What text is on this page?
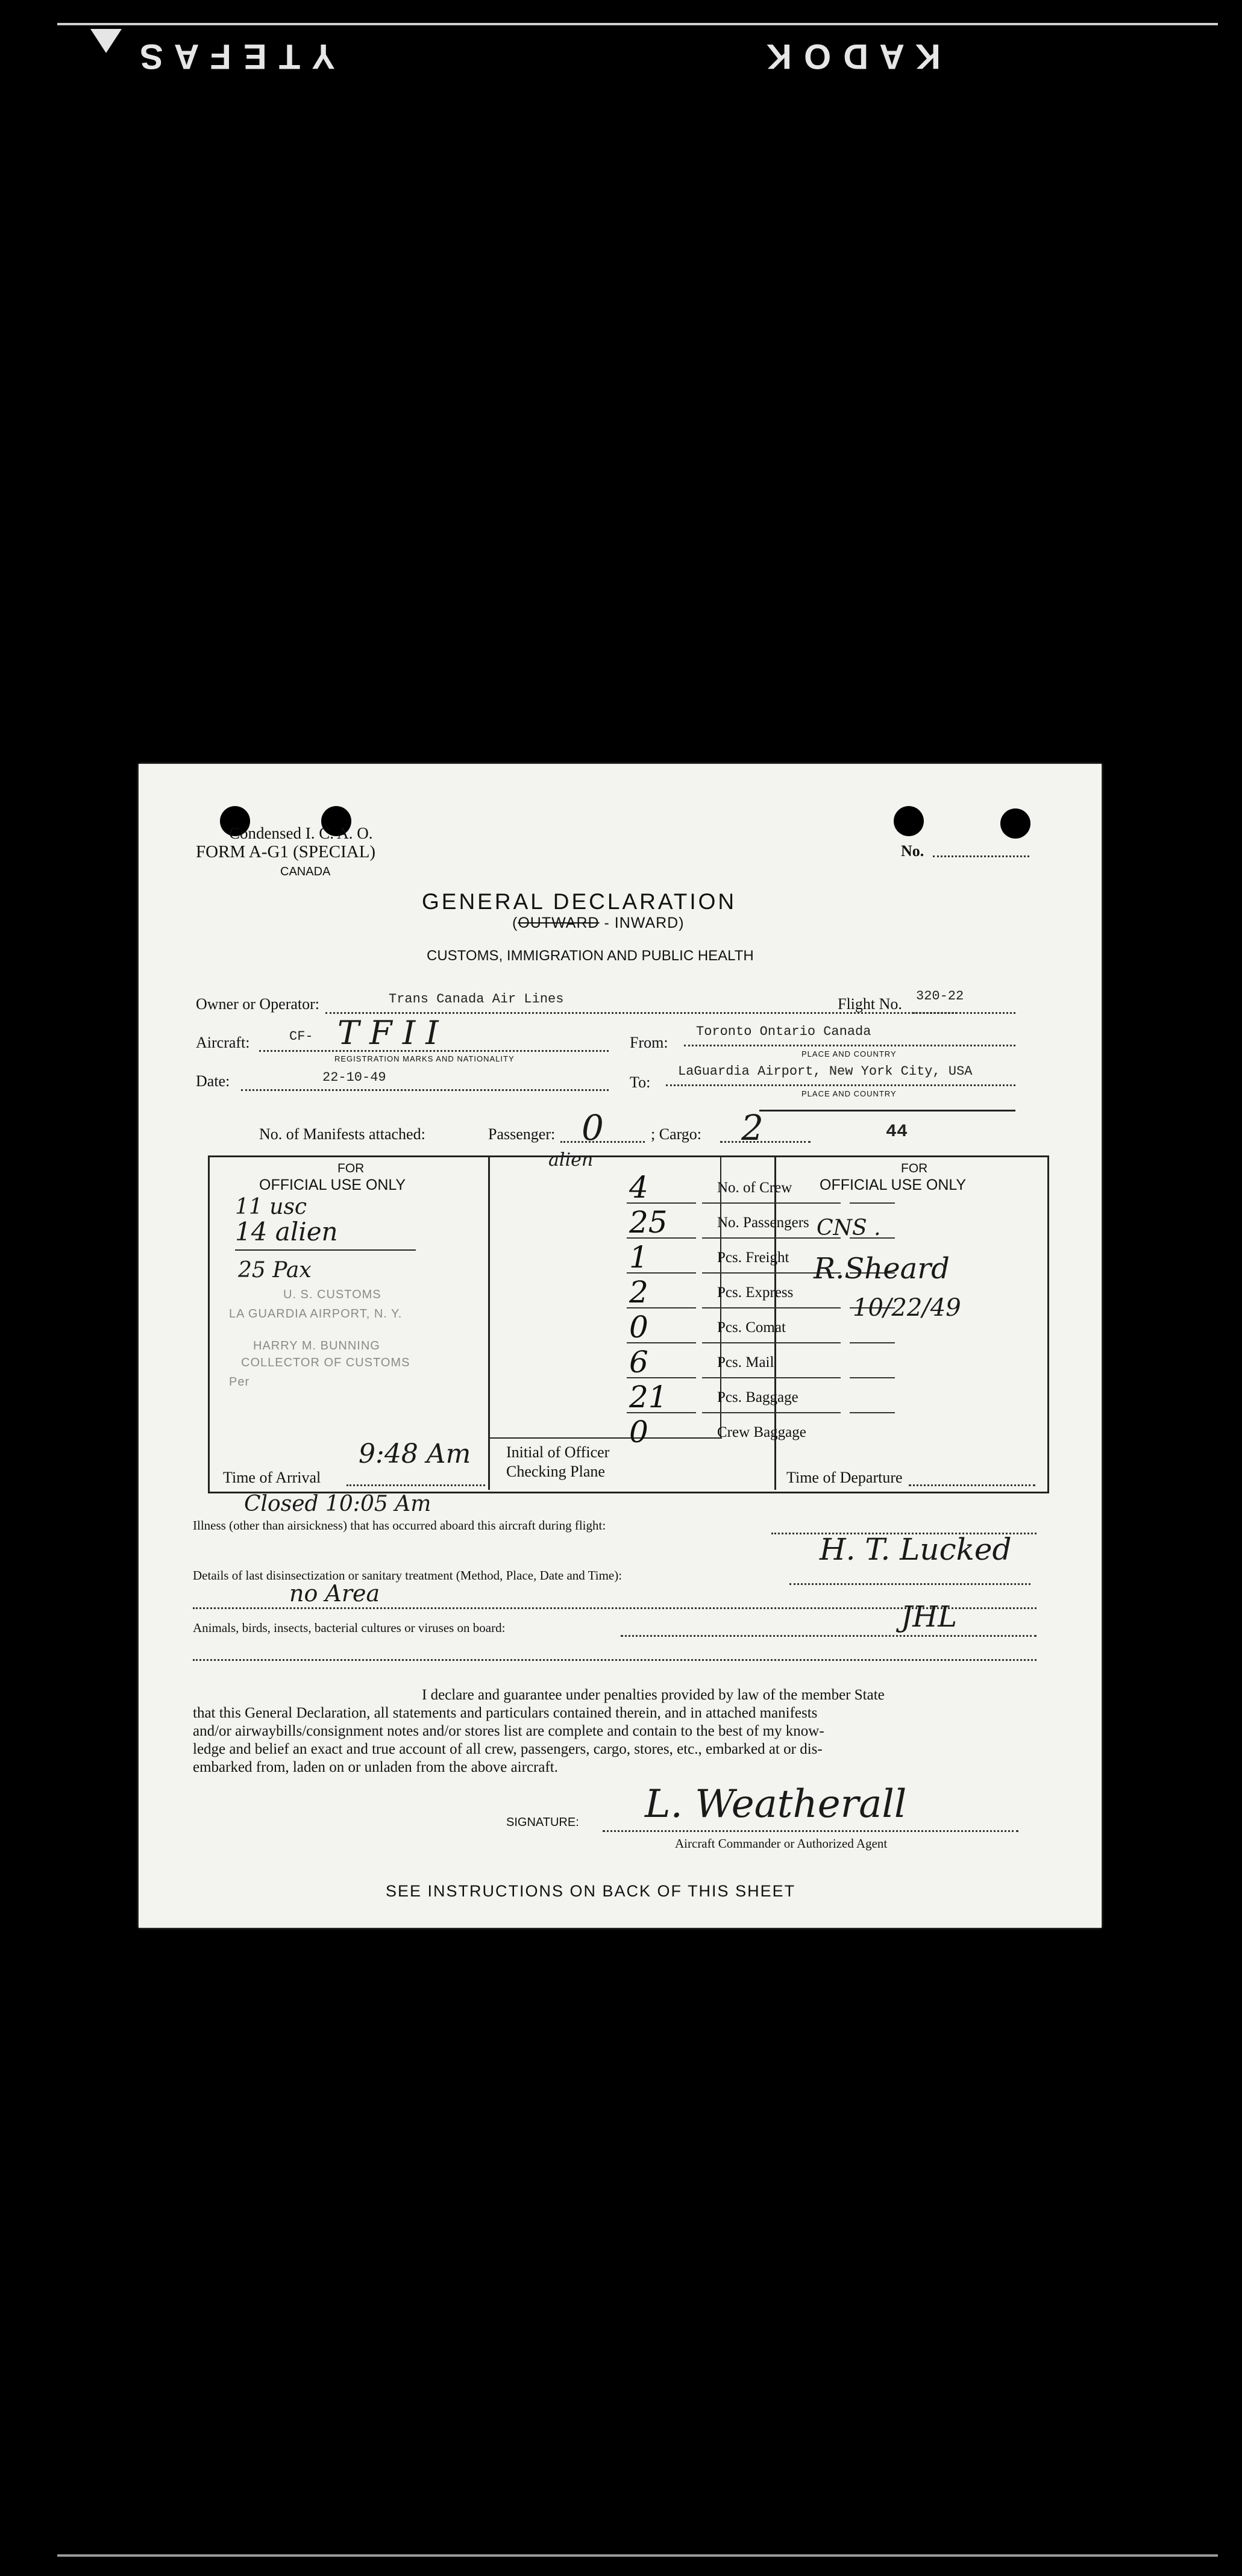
Y T E F A S	K A D O K
Condensed I. C. A. O.
FORM A-G1 (SPECIAL)
CANADA
No.
GENERAL DECLARATION
(OUTWARD - INWARD)
CUSTOMS, IMMIGRATION AND PUBLIC HEALTH
Owner or Operator:	Trans Canada Air Lines	Flight No. 320-22
Aircraft:	CF- T F I I
REGISTRATION MARKS AND NATIONALITY
From:
Toronto Ontario Canada
PLACE AND COUNTRY
Date:	22-10-49	To:
LaGuardia Airport, New York City, USA
PLACE AND COUNTRY
No. of Manifests attached:	Passenger: 0	; Cargo: 2	44
FOR
OFFICIAL USE ONLY
11 usc
14 alien
25 Pax
U. S. CUSTOMS
LA GUARDIA AIRPORT, N. Y.
HARRY M. BUNNING
COLLECTOR OF CUSTOMS
Per
Time of Arrival
9:48 Am
alien
4	No. of Crew
25	No. Passengers
1	Pcs. Freight
2	Pcs. Express
0	Pcs. Comat
6	Pcs. Mail
21	Pcs. Baggage
0	Crew Baggage
Initial of Officer
Checking Plane
FOR
OFFICIAL USE ONLY
CNS .
R.Sheard
10/22/49
Time of Departure
Closed 10:05 Am
Illness (other than airsickness) that has occurred aboard this aircraft during flight:
Details of last disinsectization or sanitary treatment (Method, Place, Date and Time):
H. T. Lucked
no Area
Animals, birds, insects, bacterial cultures or viruses on board:	JHL
I declare and guarantee under penalties provided by law of the member State
that this General Declaration, all statements and particulars contained therein, and in attached manifests
and/or airwaybills/consignment notes and/or stores list are complete and contain to the best of my know-
ledge and belief an exact and true account of all crew, passengers, cargo, stores, etc., embarked at or dis-
embarked from, laden on or unladen from the above aircraft.
SIGNATURE: L. Weatherall
Aircraft Commander or Authorized Agent
SEE INSTRUCTIONS ON BACK OF THIS SHEET
